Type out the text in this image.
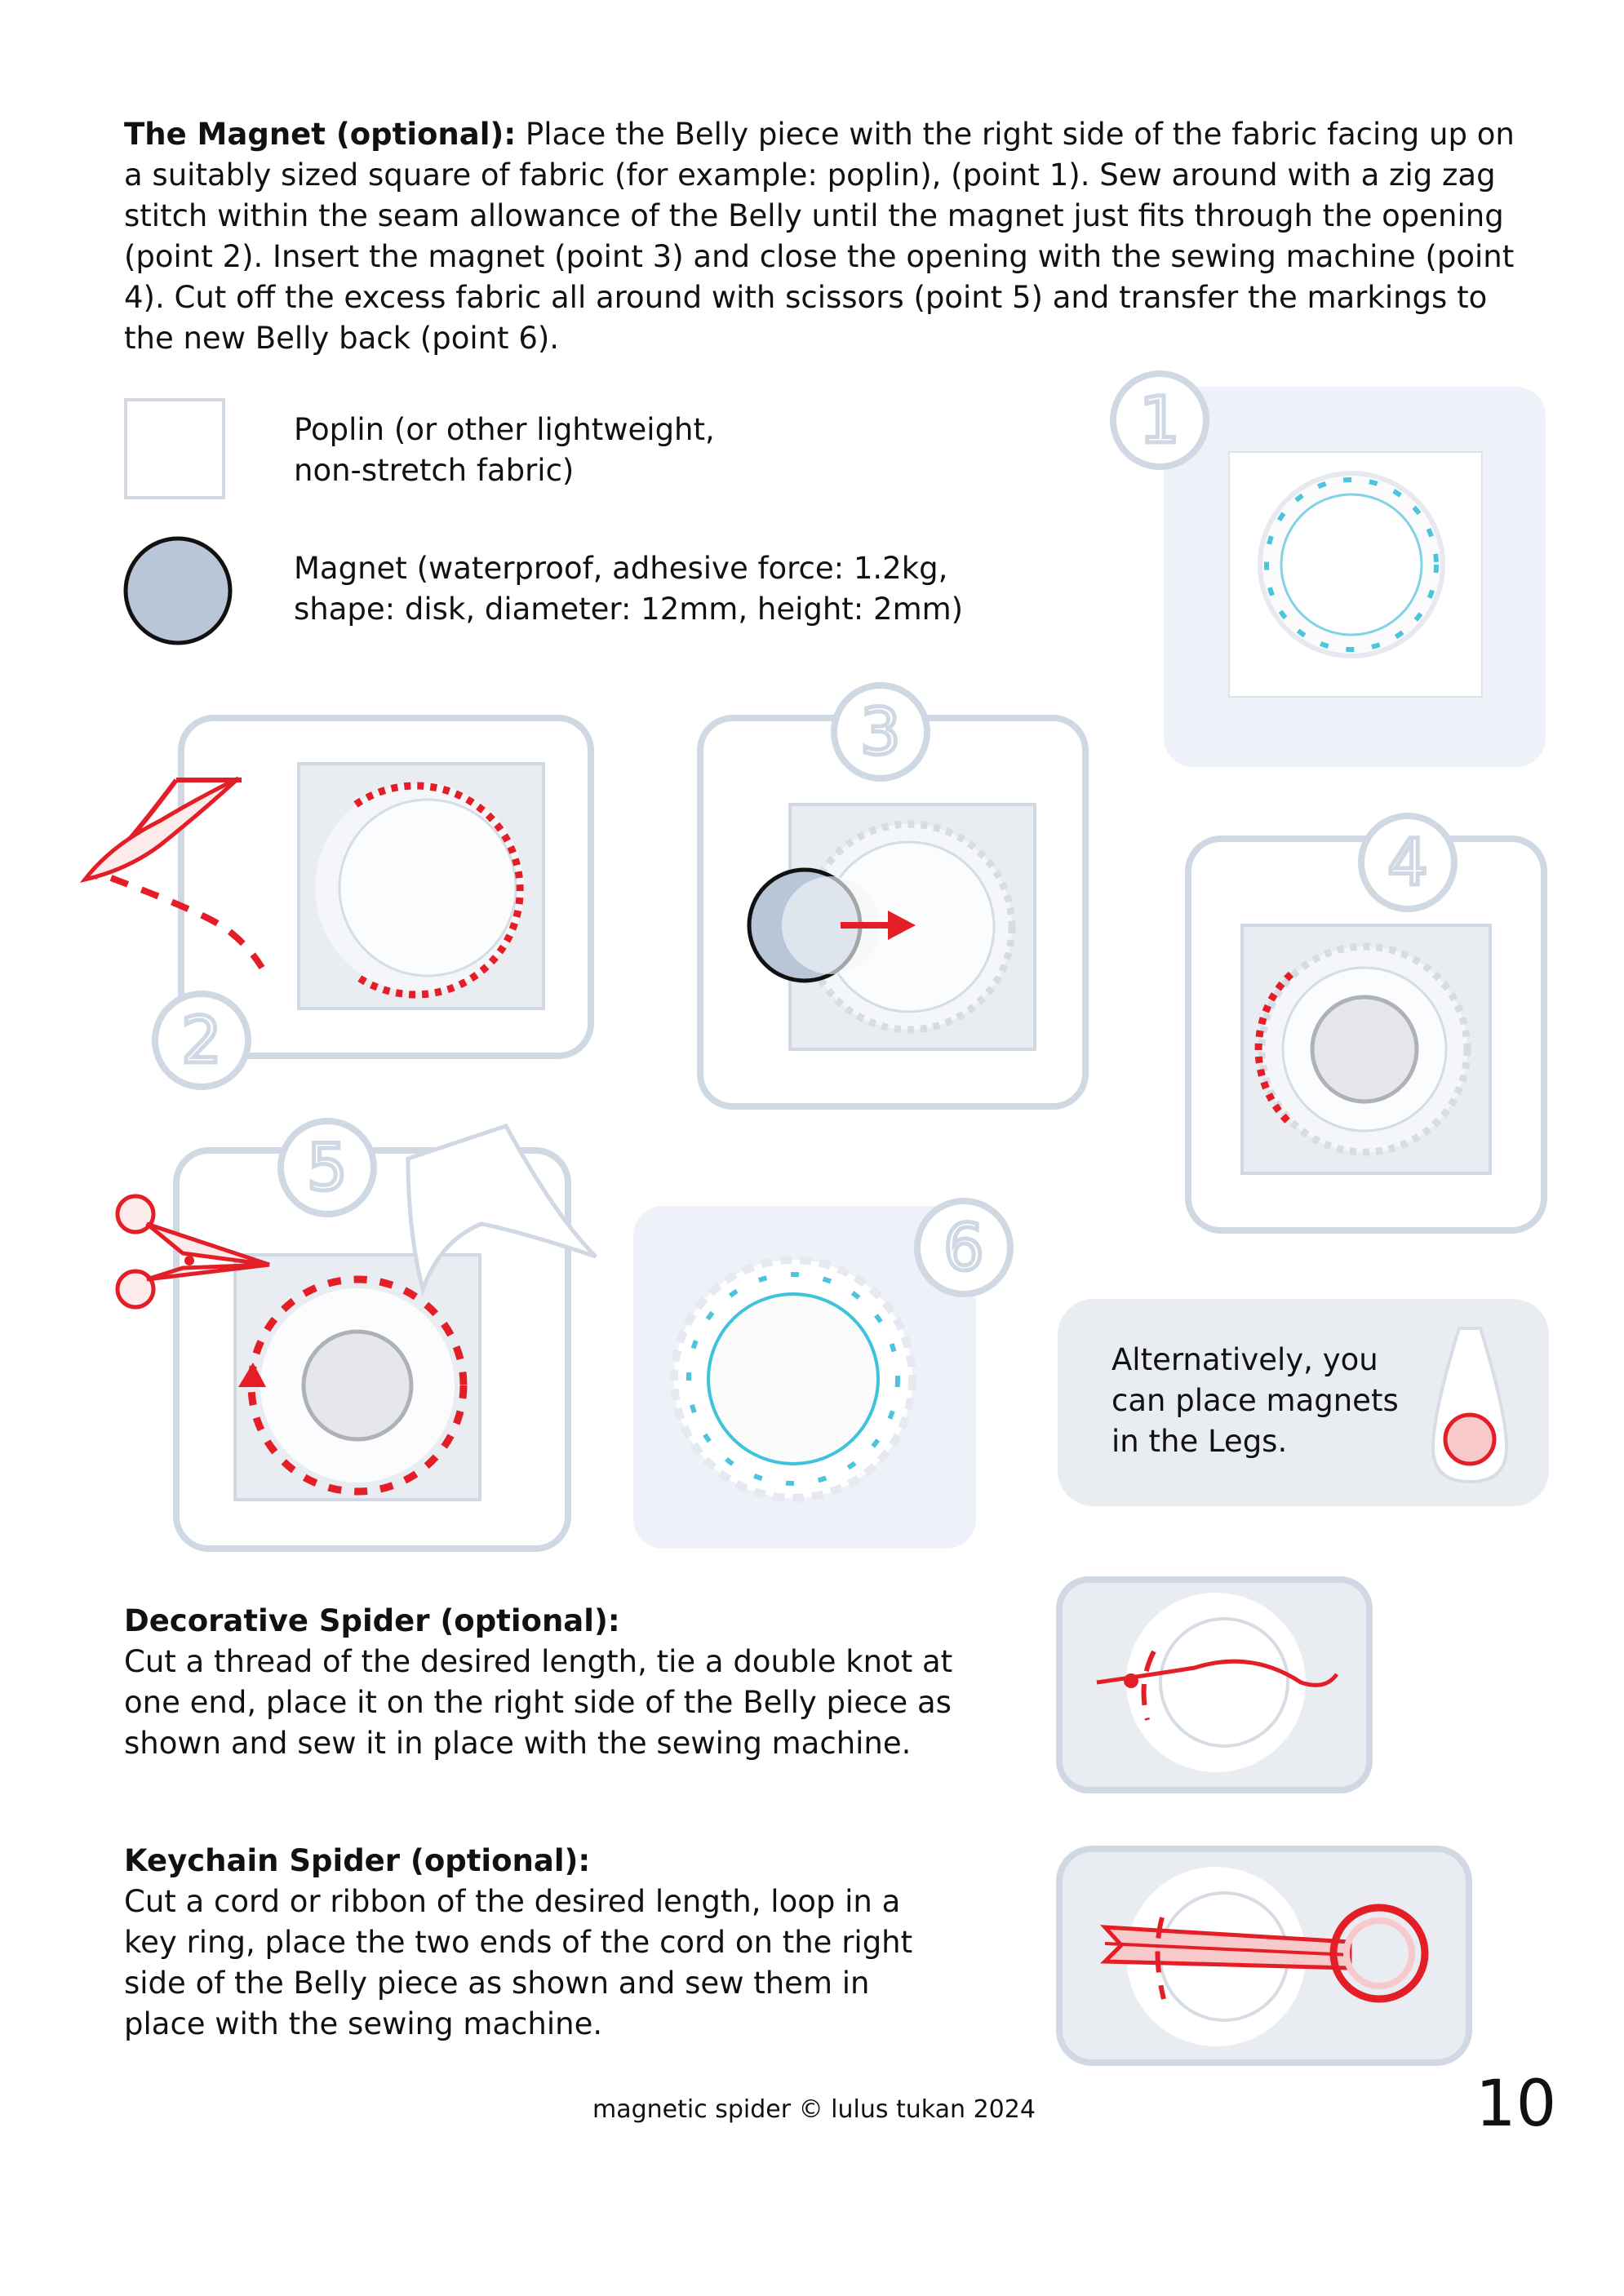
The Magnet (optional): Place the Belly piece with the right side of the fabric facing up on a suitably sized square of fabric (for example: poplin), (point 1). Sew around with a zig zag stitch within the seam allowance of the Belly until the magnet just fits through the opening (point 2). Insert the magnet (point 3) and close the opening with the sewing machine (point 4). Cut off the excess fabric all around with scissors (point 5) and transfer the markings to the new Belly back (point 6).
Poplin (or other lightweight,
non-stretch fabric)
Magnet (waterproof, adhesive force: 1.2kg,
shape: disk, diameter: 12mm, height: 2mm)
1
2
3
4
5
6
Alternatively, you
can place magnets
in the Legs.
Decorative Spider (optional):
Cut a thread of the desired length, tie a double knot at
one end, place it on the right side of the Belly piece as
shown and sew it in place with the sewing machine.
Keychain Spider (optional):
Cut a cord or ribbon of the desired length, loop in a
key ring, place the two ends of the cord on the right
side of the Belly piece as shown and sew them in
place with the sewing machine.
magnetic spider © lulus tukan 2024	10
